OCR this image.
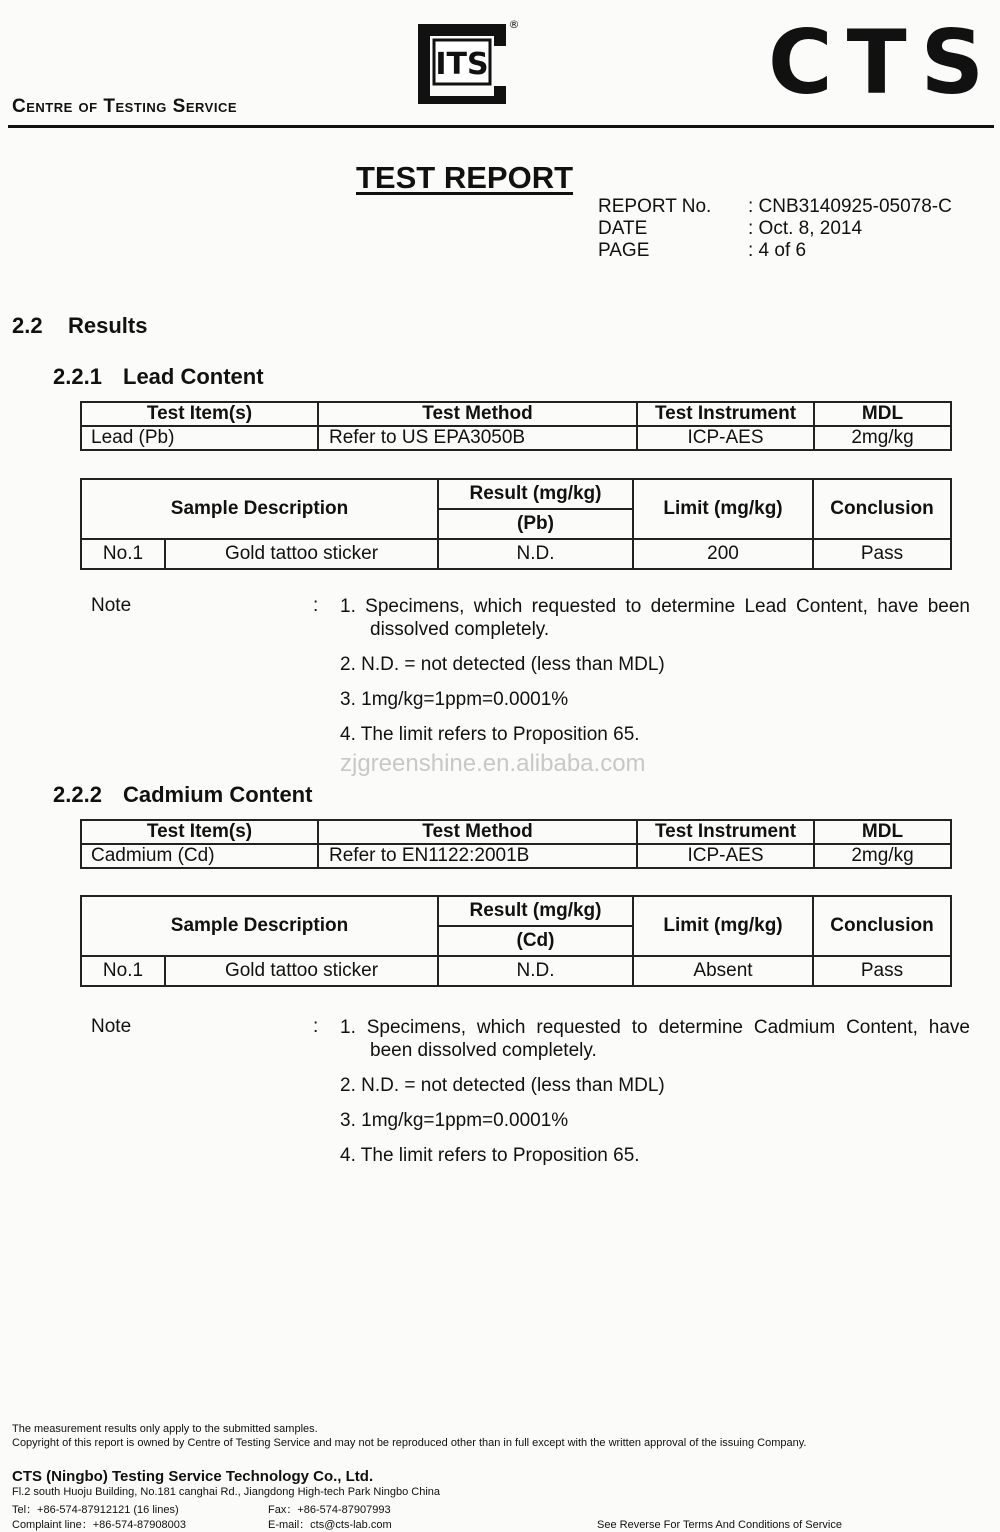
Centre of Testing Service
ITS
®	CTS
TEST REPORT
REPORT No.	: CNB3140925-05078-C
DATE	: Oct. 8, 2014
PAGE	: 4 of 6
2.2 Results
2.2.1 Lead Content
Test Item(s)	Test Method	Test Instrument	MDL
Lead (Pb)	Refer to US EPA3050B	ICP-AES	2mg/kg
Sample Description		Result (mg/kg)	Limit (mg/kg)	Conclusion
		(Pb)		
No.1	Gold tattoo sticker	N.D.	200	Pass
Note	: 1. Specimens, which requested to determine Lead Content, have been dissolved completely.
2. N.D. = not detected (less than MDL)
3. 1mg/kg=1ppm=0.0001%
4. The limit refers to Proposition 65.
zjgreenshine.en.alibaba.com
2.2.2 Cadmium Content
Test Item(s)	Test Method	Test Instrument	MDL
Cadmium (Cd)	Refer to EN1122:2001B	ICP-AES	2mg/kg
Sample Description		Result (mg/kg)	Limit (mg/kg)	Conclusion
		(Cd)		
No.1	Gold tattoo sticker	N.D.	Absent	Pass
Note	: 1. Specimens, which requested to determine Cadmium Content, have been dissolved completely.
2. N.D. = not detected (less than MDL)
3. 1mg/kg=1ppm=0.0001%
4. The limit refers to Proposition 65.
The measurement results only apply to the submitted samples.
Copyright of this report is owned by Centre of Testing Service and may not be reproduced other than in full except with the written approval of the issuing Company.
CTS (Ningbo) Testing Service Technology Co., Ltd.
Fl.2 south Huoju Building, No.181 canghai Rd., Jiangdong High-tech Park Ningbo China
Tel：+86-574-87912121 (16 lines)	Fax：+86-574-87907993
Complaint line：+86-574-87908003	E-mail：cts@cts-lab.com	See Reverse For Terms And Conditions of Service
